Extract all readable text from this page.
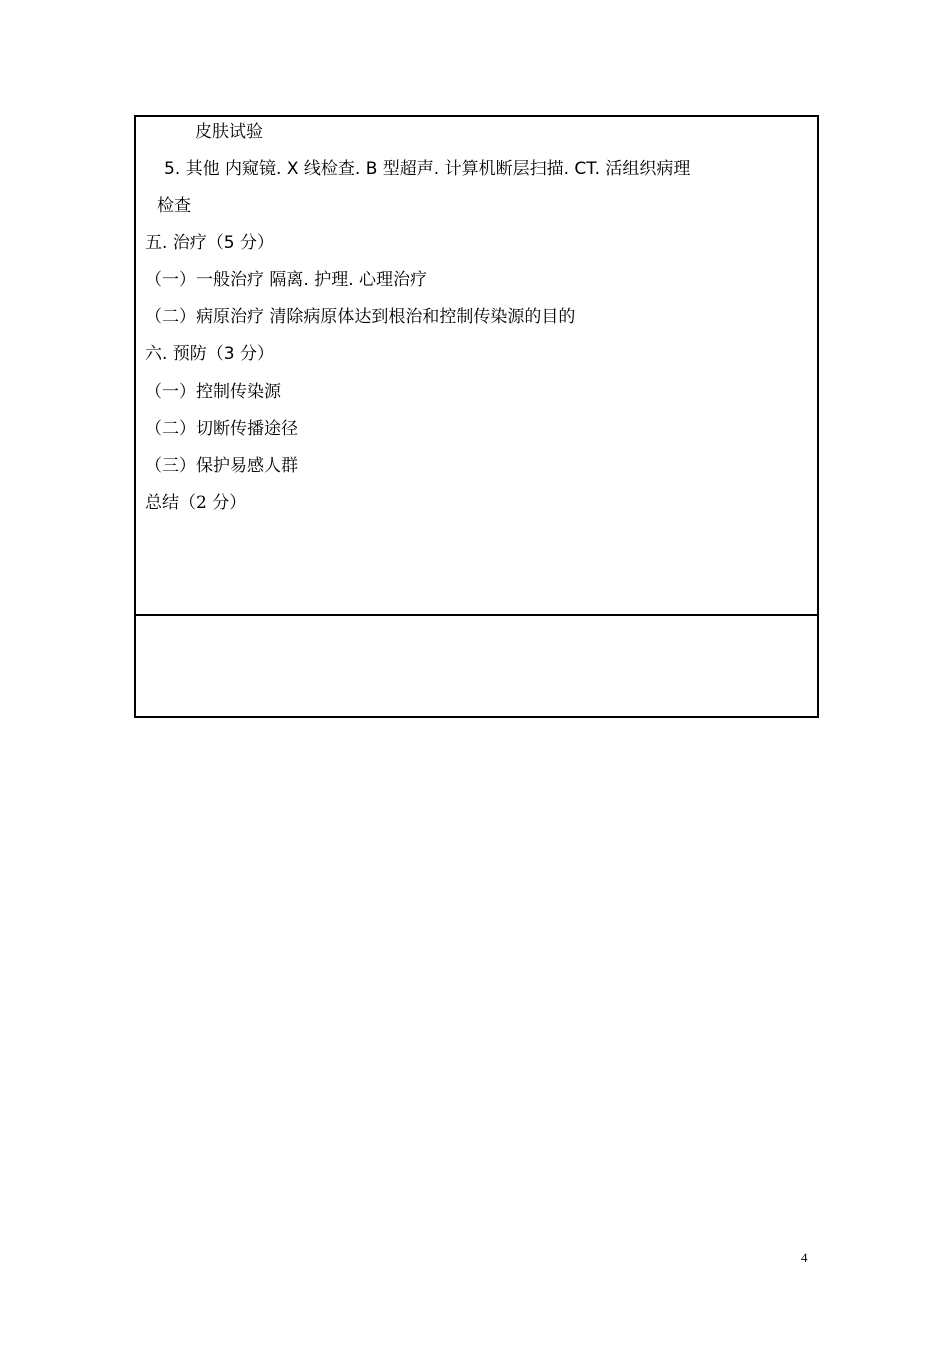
皮肤试验
5. 其他 内窥镜. X 线检查. B 型超声. 计算机断层扫描. CT. 活组织病理
检查
五. 治疗（5 分）
（一）一般治疗 隔离. 护理. 心理治疗
（二）病原治疗 清除病原体达到根治和控制传染源的目的
六. 预防（3 分）
（一）控制传染源
（二）切断传播途径
（三）保护易感人群
总结（2 分）
4
